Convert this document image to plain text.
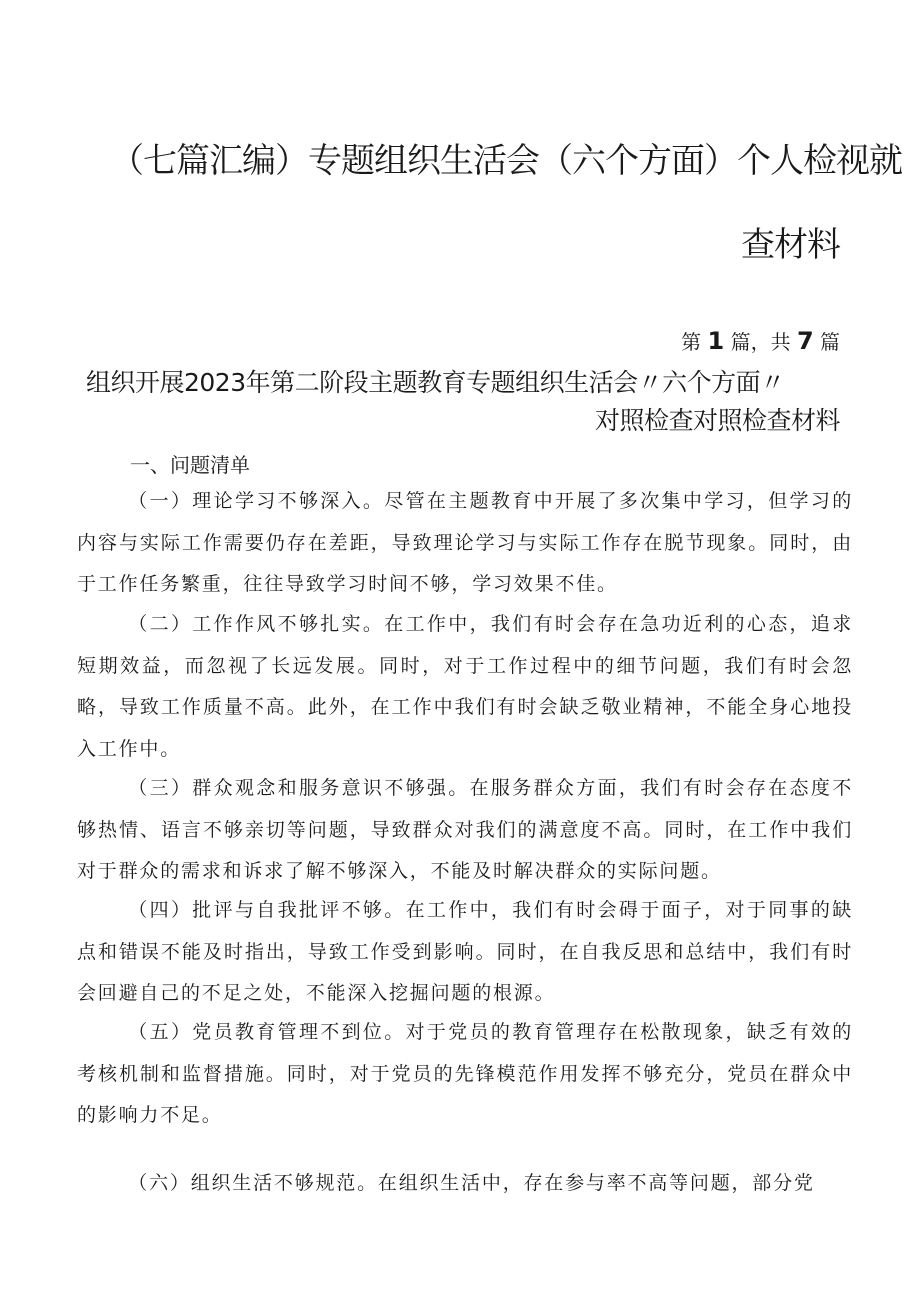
（七篇汇编）专题组织生活会（六个方面）个人检视就
查材料
第 1 篇，共 7 篇
组织开展2023年第二阶段主题教育专题组织生活会〃六个方面〃
对照检查对照检查材料
一、问题清单

（一）理论学习不够深入。尽管在主题教育中开展了多次集中学习，但学习的内容与实际工作需要仍存在差距，导致理论学习与实际工作存在脱节现象。同时，由于工作任务繁重，往往导致学习时间不够，学习效果不佳。

（二）工作作风不够扎实。在工作中，我们有时会存在急功近利的心态，追求短期效益，而忽视了长远发展。同时，对于工作过程中的细节问题，我们有时会忽略，导致工作质量不高。此外，在工作中我们有时会缺乏敬业精神，不能全身心地投入工作中。

（三）群众观念和服务意识不够强。在服务群众方面，我们有时会存在态度不够热情、语言不够亲切等问题，导致群众对我们的满意度不高。同时，在工作中我们对于群众的需求和诉求了解不够深入，不能及时解决群众的实际问题。

（四）批评与自我批评不够。在工作中，我们有时会碍于面子，对于同事的缺点和错误不能及时指出，导致工作受到影响。同时，在自我反思和总结中，我们有时会回避自己的不足之处，不能深入挖掘问题的根源。

（五）党员教育管理不到位。对于党员的教育管理存在松散现象，缺乏有效的考核机制和监督措施。同时，对于党员的先锋模范作用发挥不够充分，党员在群众中的影响力不足。

（六）组织生活不够规范。在组织生活中，存在参与率不高等问题，部分党
